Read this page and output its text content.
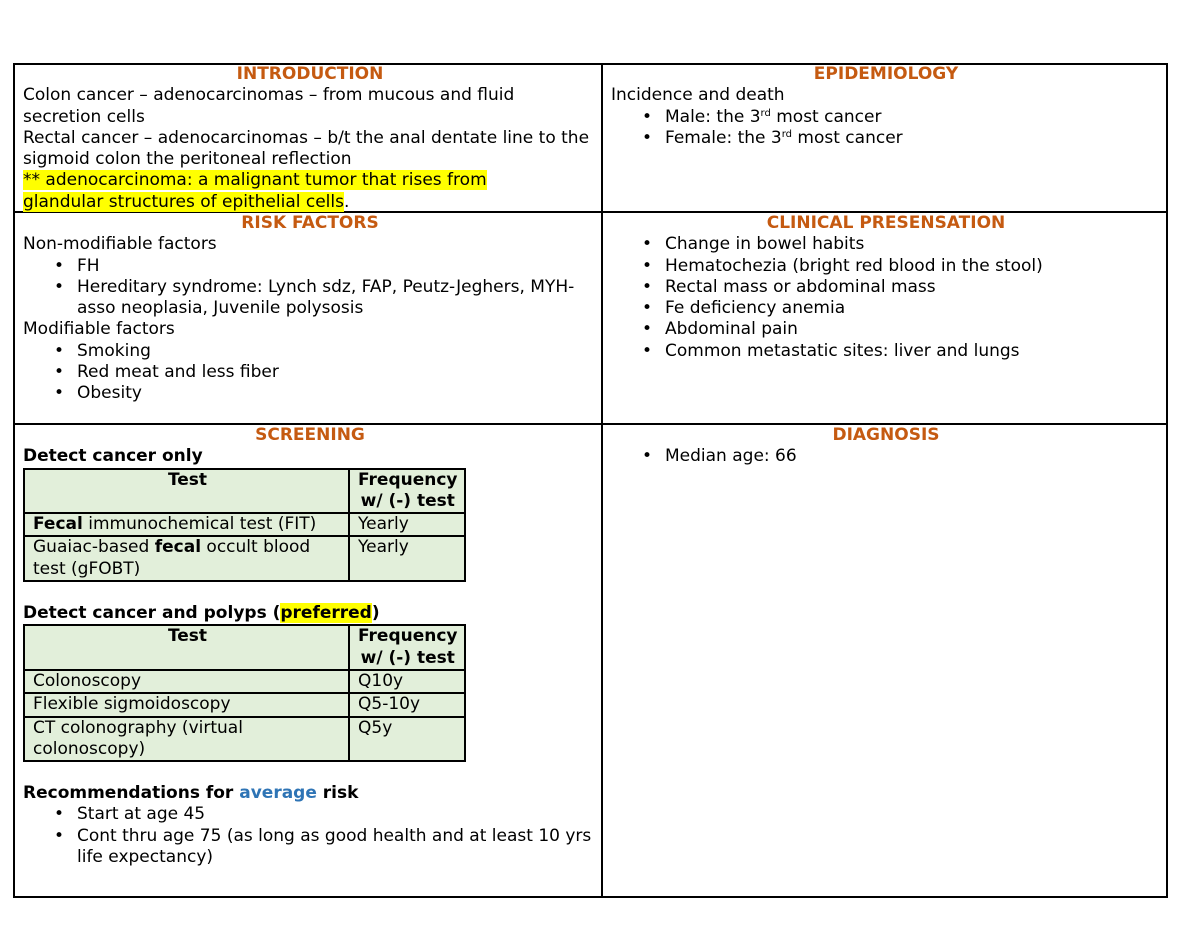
INTRODUCTION

Colon cancer – adenocarcinomas – from mucous and fluid secretion cells

Rectal cancer – adenocarcinomas – b/t the anal dentate line to the sigmoid colon the peritoneal reflection

** adenocarcinoma: a malignant tumor that rises from
glandular structures of epithelial cells.

EPIDEMIOLOGY

Incidence and death

• Male: the 3rd most cancer
• Female: the 3rd most cancer
RISK FACTORS

Non-modifiable factors

• FH
• Hereditary syndrome: Lynch sdz, FAP, Peutz-Jeghers, MYH-asso neoplasia, Juvenile polysosis

Modifiable factors

• Smoking
• Red meat and less fiber
• Obesity
CLINICAL PRESENSATION
• Change in bowel habits
• Hematochezia (bright red blood in the stool)
• Rectal mass or abdominal mass
• Fe deficiency anemia
• Abdominal pain
• Common metastatic sites: liver and lungs
SCREENING

Detect cancer only

Test	Frequency w/ (-) test
Fecal immunochemical test (FIT)	Yearly
Guaiac-based fecal occult blood test (gFOBT)	Yearly

Detect cancer and polyps (preferred)

Test	Frequency w/ (-) test
Colonoscopy	Q10y
Flexible sigmoidoscopy	Q5-10y
CT colonography (virtual colonoscopy)	Q5y

Recommendations for average risk

• Start at age 45
• Cont thru age 75 (as long as good health and at least 10 yrs life expectancy)
DIAGNOSIS
• Median age: 66
